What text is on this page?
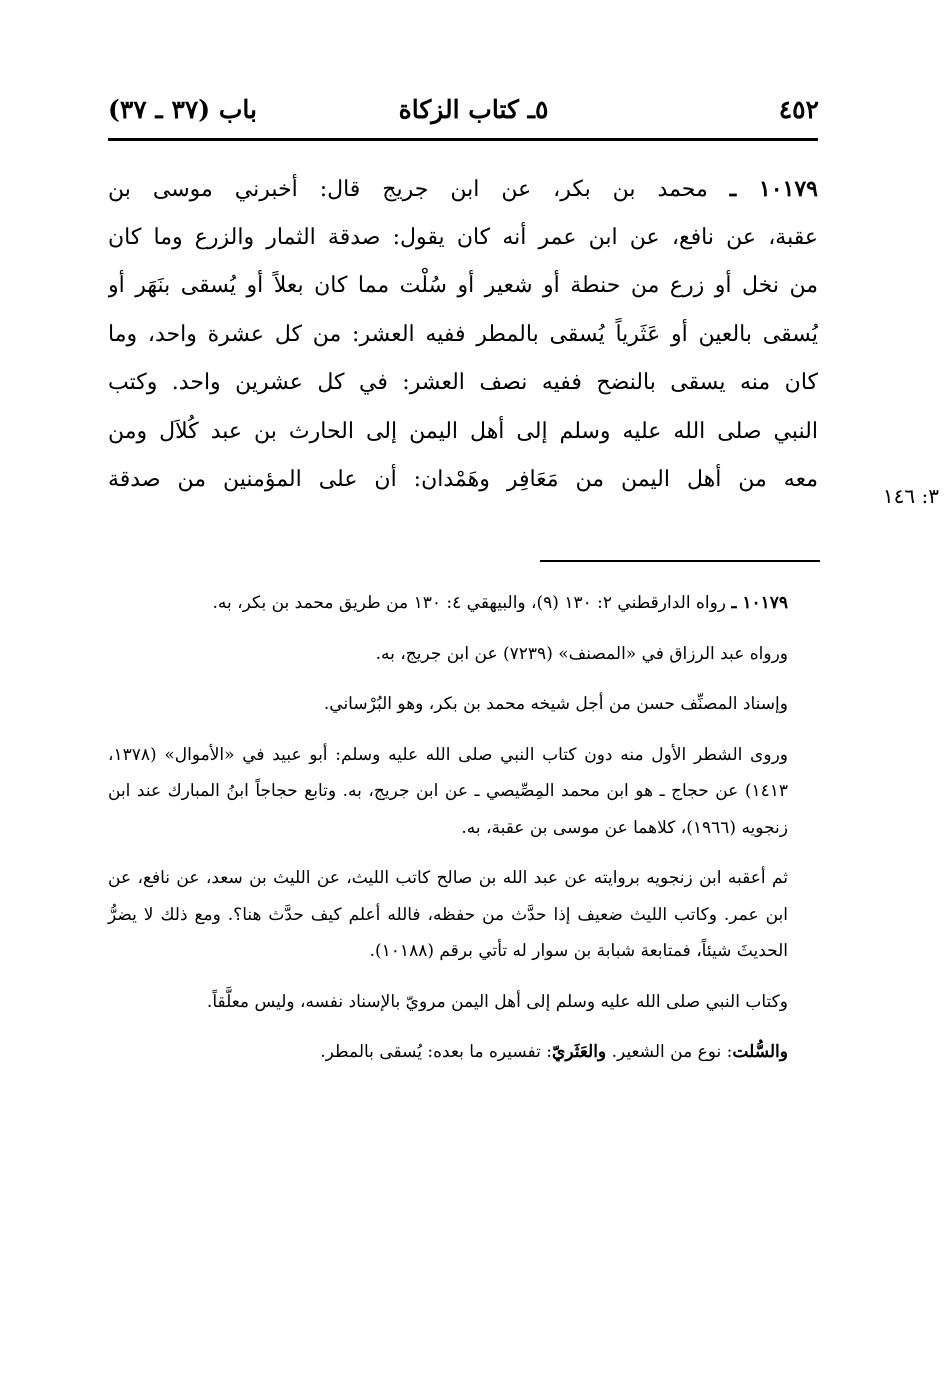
٤٥٢
٥ـ كتاب الزكاة
باب (٣٧ ـ ٣٧)
١٠١٧٩ ـ محمد بن بكر، عن ابن جريج قال: أخبرني موسى بن
عقبة، عن نافع، عن ابن عمر أنه كان يقول: صدقة الثمار والزرع وما كان
من نخل أو زرع من حنطة أو شعير أو سُلْت مما كان بعلاً أو يُسقى بنَهَر أو
يُسقى بالعين أو عَثَرياً يُسقى بالمطر ففيه العشر: من كل عشرة واحد، وما
كان منه يسقى بالنضح ففيه نصف العشر: في كل عشرين واحد. وكتب
النبي صلى الله عليه وسلم إلى أهل اليمن إلى الحارث بن عبد كُلاَل ومن
معه من أهل اليمن من مَعَافِر وهَمْدان: أن على المؤمنين من صدقة
٣: ١٤٦

١٠١٧٩ ـ رواه الدارقطني ٢: ١٣٠ (٩)، والبيهقي ٤: ١٣٠ من طريق محمد بن بكر، به.

ورواه عبد الرزاق في «المصنف» (٧٢٣٩) عن ابن جريج، به.

وإسناد المصنِّف حسن من أجل شيخه محمد بن بكر، وهو البُرْساني.

وروى الشطر الأول منه دون كتاب النبي صلى الله عليه وسلم: أبو عبيد في «الأموال» (١٣٧٨، ١٤١٣) عن حجاج ـ هو ابن محمد المِصِّيصي ـ عن ابن جريج، به. وتابع حجاجاً ابنُ المبارك عند ابن زنجويه (١٩٦٦)، كلاهما عن موسى بن عقبة، به.

ثم أعقبه ابن زنجويه بروايته عن عبد الله بن صالح كاتب الليث، عن الليث بن سعد، عن نافع، عن ابن عمر. وكاتب الليث ضعيف إذا حدَّث من حفظه، فالله أعلم كيف حدَّث هنا؟. ومع ذلك لا يضرُّ الحديثَ شيئاً، فمتابعة شبابة بن سوار له تأتي برقم (١٠١٨٨).

وكتاب النبي صلى الله عليه وسلم إلى أهل اليمن مرويّ بالإسناد نفسه، وليس معلَّقاً.

والسُّلت: نوع من الشعير. والعَثَريّ: تفسيره ما بعده: يُسقى بالمطر.
